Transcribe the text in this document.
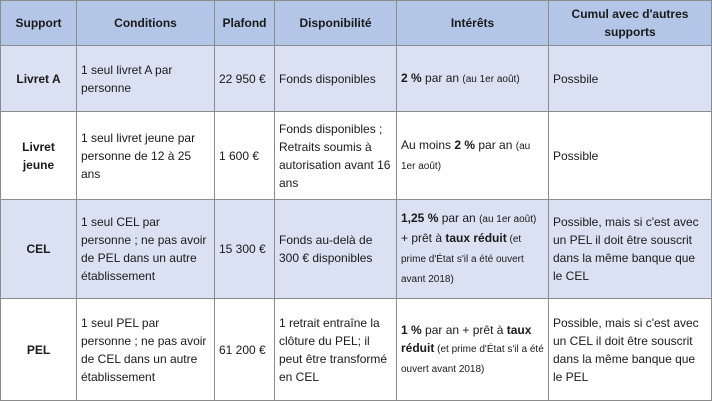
Support	Conditions	Plafond	Disponibilité	Intérêts	Cumul avec d'autres supports
Livret A	1 seul livret A par personne	22 950 €	Fonds disponibles	2 % par an (au 1er août)	Possbile
Livret jeune	1 seul livret jeune par personne de 12 à 25 ans	1 600 €	Fonds disponibles ; Retraits soumis à autorisation avant 16 ans	Au moins 2 % par an (au 1er août)	Possible
CEL	1 seul CEL par personne ; ne pas avoir de PEL dans un autre établissement	15 300 €	Fonds au-delà de 300 € disponibles	1,25 % par an (au 1er août) + prêt à taux réduit (et prime d'État s'il a été ouvert avant 2018)	Possible, mais si c'est avec un PEL il doit être souscrit dans la même banque que le CEL
PEL	1 seul PEL par personne ; ne pas avoir de CEL dans un autre établissement	61 200 €	1 retrait entraîne la clôture du PEL; il peut être transformé en CEL	1 % par an + prêt à taux réduit (et prime d'État s'il a été ouvert avant 2018)	Possible, mais si c'est avec un CEL il doit être souscrit dans la même banque que le PEL
